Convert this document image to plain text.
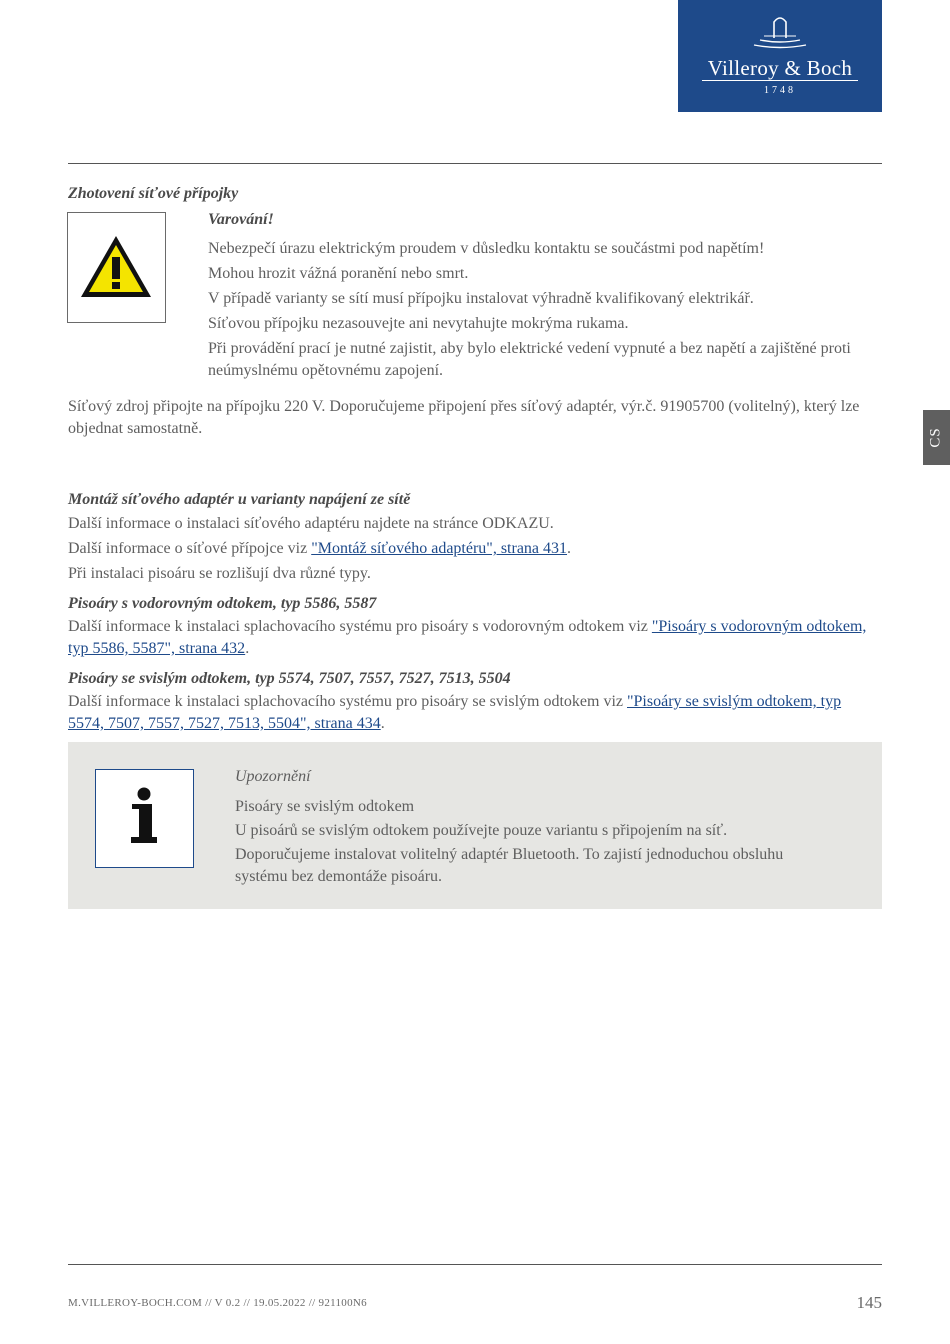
Villeroy & Boch
1748
CS
Zhotovení síťové přípojky
Varování!
Nebezpečí úrazu elektrickým proudem v důsledku kontaktu se součástmi pod napětím!
Mohou hrozit vážná poranění nebo smrt.
V případě varianty se sítí musí přípojku instalovat výhradně kvalifikovaný elektrikář.
Síťovou přípojku nezasouvejte ani nevytahujte mokrýma rukama.
Při provádění prací je nutné zajistit, aby bylo elektrické vedení vypnuté a bez napětí a zajištěné proti neúmyslnému opětovnému zapojení.
Síťový zdroj připojte na přípojku 220 V. Doporučujeme připojení přes síťový adaptér, výr.č. 91905700 (volitelný), který lze objednat samostatně.
Montáž síťového adaptér u varianty napájení ze sítě
Další informace o instalaci síťového adaptéru najdete na stránce ODKAZU.
Další informace o síťové přípojce viz "Montáž síťového adaptéru", strana 431.
Při instalaci pisoáru se rozlišují dva různé typy.
Pisoáry s vodorovným odtokem, typ 5586, 5587
Další informace k instalaci splachovacího systému pro pisoáry s vodorovným odtokem viz "Pisoáry s vodorovným odtokem, typ 5586, 5587", strana 432.
Pisoáry se svislým odtokem, typ 5574, 7507, 7557, 7527, 7513, 5504
Další informace k instalaci splachovacího systému pro pisoáry se svislým odtokem viz "Pisoáry se svislým odtokem, typ 5574, 7507, 7557, 7527, 7513, 5504", strana 434.
Upozornění
Pisoáry se svislým odtokem
U pisoárů se svislým odtokem používejte pouze variantu s připojením na síť.
Doporučujeme instalovat volitelný adaptér Bluetooth. To zajistí jednoduchou obsluhu systému bez demontáže pisoáru.
M.VILLEROY-BOCH.COM // V 0.2 // 19.05.2022 // 921100N6	145
